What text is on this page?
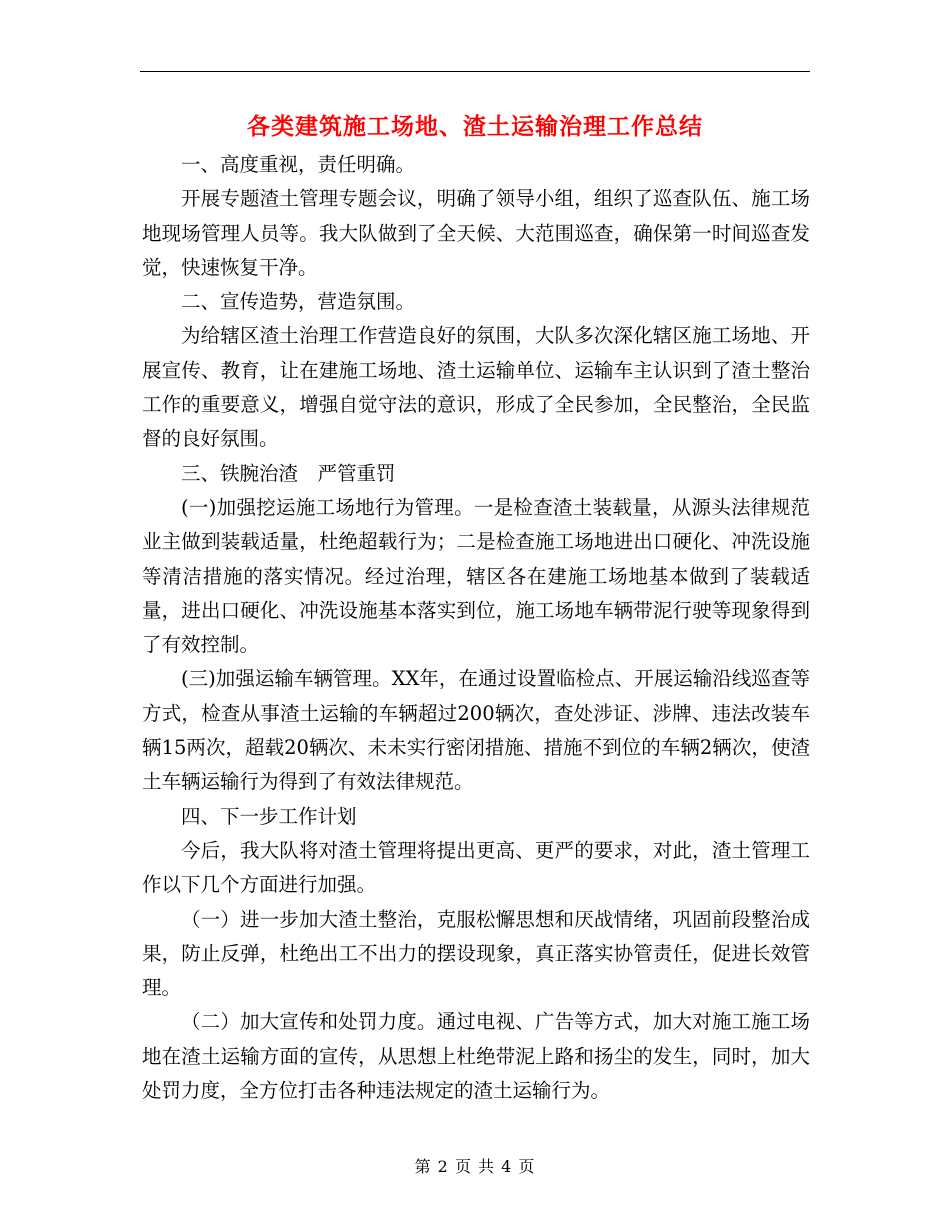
各类建筑施工场地、渣土运输治理工作总结

一、高度重视，责任明确。

开展专题渣土管理专题会议，明确了领导小组，组织了巡查队伍、施工场地现场管理人员等。我大队做到了全天候、大范围巡查，确保第一时间巡查发觉，快速恢复干净。

二、宣传造势，营造氛围。

为给辖区渣土治理工作营造良好的氛围，大队多次深化辖区施工场地、开展宣传、教育，让在建施工场地、渣土运输单位、运输车主认识到了渣土整治工作的重要意义，增强自觉守法的意识，形成了全民参加，全民整治，全民监督的良好氛围。

三、铁腕治渣　严管重罚

(一)加强挖运施工场地行为管理。一是检查渣土装载量，从源头法律规范业主做到装载适量，杜绝超载行为；二是检查施工场地进出口硬化、冲洗设施等清洁措施的落实情况。经过治理，辖区各在建施工场地基本做到了装载适量，进出口硬化、冲洗设施基本落实到位，施工场地车辆带泥行驶等现象得到了有效控制。

(三)加强运输车辆管理。XX年，在通过设置临检点、开展运输沿线巡查等方式，检查从事渣土运输的车辆超过200辆次，查处涉证、涉牌、违法改装车辆15两次，超载20辆次、未未实行密闭措施、措施不到位的车辆2辆次，使渣土车辆运输行为得到了有效法律规范。

四、下一步工作计划

今后，我大队将对渣土管理将提出更高、更严的要求，对此，渣土管理工作以下几个方面进行加强。

（一）进一步加大渣土整治，克服松懈思想和厌战情绪，巩固前段整治成果，防止反弹，杜绝出工不出力的摆设现象，真正落实协管责任，促进长效管理。

（二）加大宣传和处罚力度。通过电视、广告等方式，加大对施工施工场地在渣土运输方面的宣传，从思想上杜绝带泥上路和扬尘的发生，同时，加大处罚力度，全方位打击各种违法规定的渣土运输行为。

第 2 页 共 4 页
